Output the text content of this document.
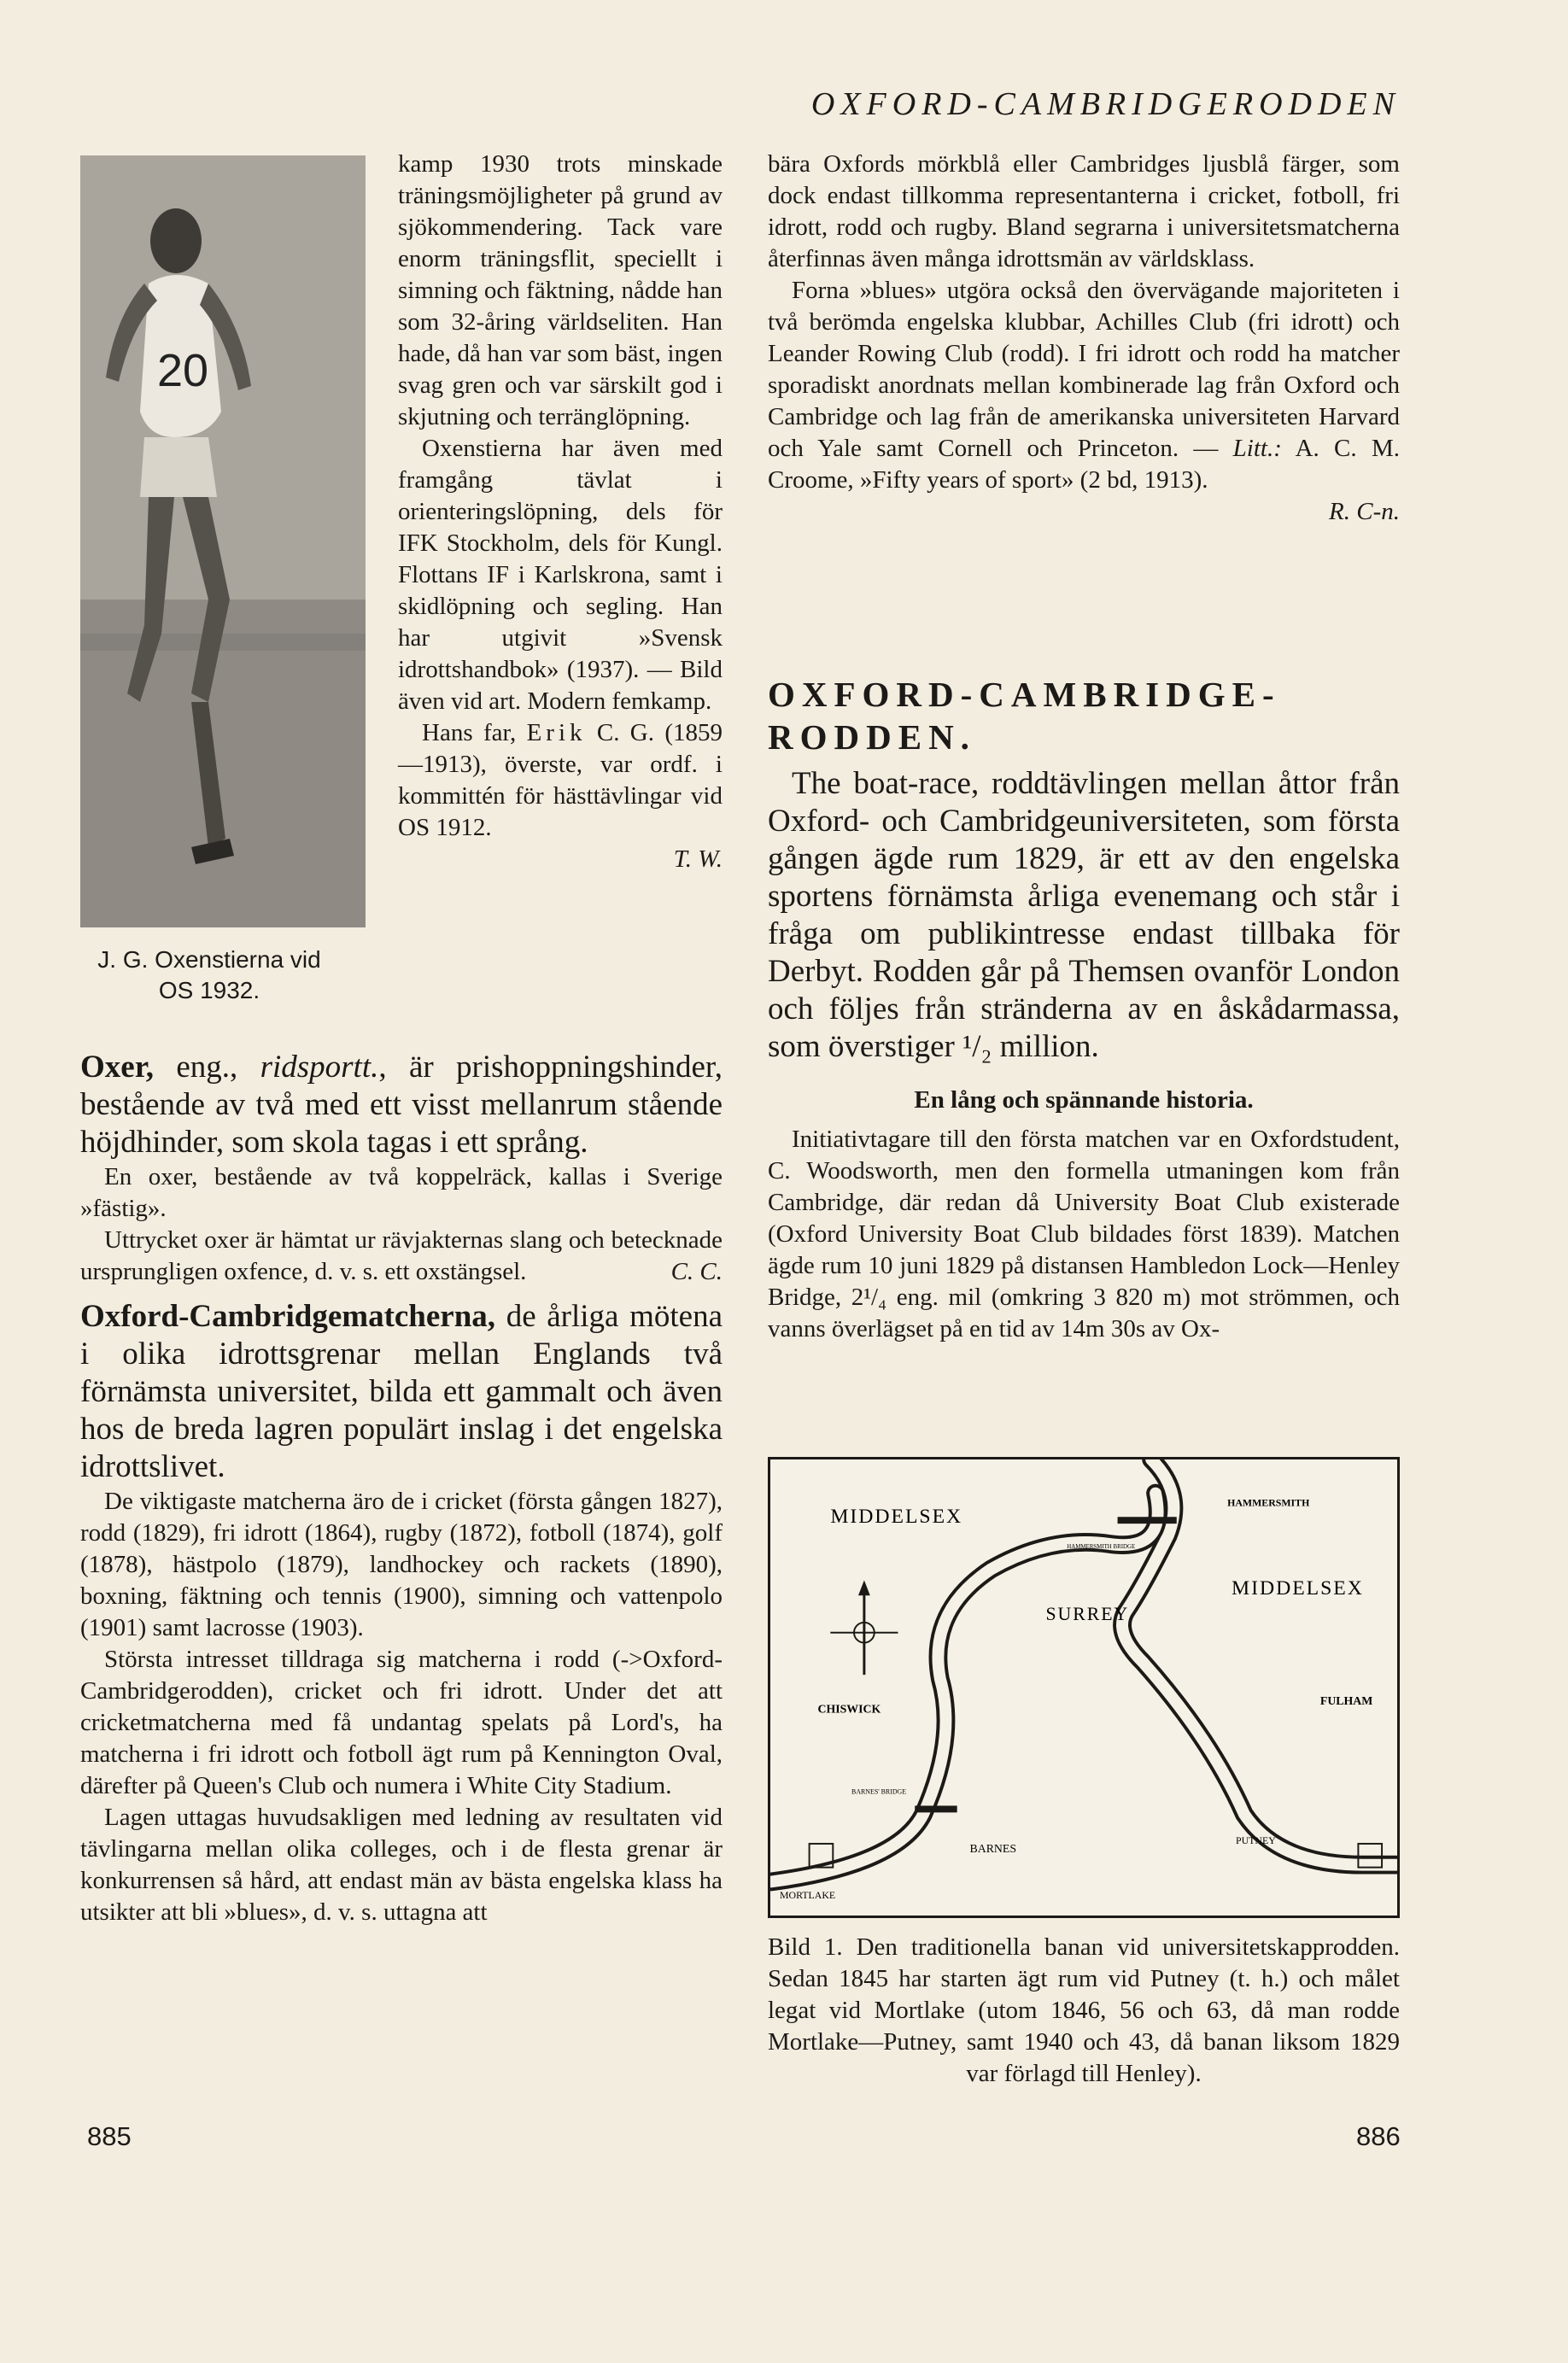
OXFORD-CAMBRIDGERODDEN
20
J. G. Oxenstierna vid
OS 1932.

kamp 1930 trots minskade träningsmöjligheter på grund av sjökommendering. Tack vare enorm träningsflit, speciellt i simning och fäktning, nådde han som 32-åring världseliten. Han hade, då han var som bäst, ingen svag gren och var särskilt god i skjutning och terränglöpning.

Oxenstierna har även med framgång tävlat i orienteringslöpning, dels för IFK Stockholm, dels för Kungl. Flottans IF i Karlskrona, samt i skidlöpning och segling. Han har utgivit »Svensk idrottshandbok» (1937). — Bild även vid art. Modern femkamp.

Hans far, Erik C. G. (1859—1913), överste, var ordf. i kommittén för hästtävlingar vid OS 1912.

T. W.

Oxer, eng., ridsportt., är prishoppningshinder, bestående av två med ett visst mellanrum stående höjdhinder, som skola tagas i ett språng.

En oxer, bestående av två koppelräck, kallas i Sverige »fästig».

Uttrycket oxer är hämtat ur rävjakternas slang och betecknade ursprungligen oxfence, d. v. s. ett oxstängsel.	C. C.

Oxford-Cambridgematcherna, de årliga mötena i olika idrottsgrenar mellan Englands två förnämsta universitet, bilda ett gammalt och även hos de breda lagren populärt inslag i det engelska idrottslivet.

De viktigaste matcherna äro de i cricket (första gången 1827), rodd (1829), fri idrott (1864), rugby (1872), fotboll (1874), golf (1878), hästpolo (1879), landhockey och rackets (1890), boxning, fäktning och tennis (1900), simning och vattenpolo (1901) samt lacrosse (1903).

Största intresset tilldraga sig matcherna i rodd (->Oxford-Cambridgerodden), cricket och fri idrott. Under det att cricketmatcherna med få undantag spelats på Lord's, ha matcherna i fri idrott och fotboll ägt rum på Kennington Oval, därefter på Queen's Club och numera i White City Stadium.

Lagen uttagas huvudsakligen med ledning av resultaten vid tävlingarna mellan olika colleges, och i de flesta grenar är konkurrensen så hård, att endast män av bästa engelska klass ha utsikter att bli »blues», d. v. s. uttagna att

bära Oxfords mörkblå eller Cambridges ljusblå färger, som dock endast tillkomma representanterna i cricket, fotboll, fri idrott, rodd och rugby. Bland segrarna i universitetsmatcherna återfinnas även många idrottsmän av världsklass.

Forna »blues» utgöra också den övervägande majoriteten i två berömda engelska klubbar, Achilles Club (fri idrott) och Leander Rowing Club (rodd). I fri idrott och rodd ha matcher sporadiskt anordnats mellan kombinerade lag från Oxford och Cambridge och lag från de amerikanska universiteten Harvard och Yale samt Cornell och Princeton. — Litt.: A. C. M. Croome, »Fifty years of sport» (2 bd, 1913).

R. C-n.

OXFORD-CAMBRIDGE-RODDEN.

The boat-race, roddtävlingen mellan åttor från Oxford- och Cambridgeuniversiteten, som första gången ägde rum 1829, är ett av den engelska sportens förnämsta årliga evenemang och står i fråga om publikintresse endast tillbaka för Derbyt. Rodden går på Themsen ovanför London och följes från stränderna av en åskådarmassa, som överstiger ¹/₂ million.

En lång och spännande historia.

Initiativtagare till den första matchen var en Oxfordstudent, C. Woodsworth, men den formella utmaningen kom från Cambridge, där redan då University Boat Club existerade (Oxford University Boat Club bildades först 1839). Matchen ägde rum 10 juni 1829 på distansen Hambledon Lock—Henley Bridge, 2¹/₄ eng. mil (omkring 3 820 m) mot strömmen, och vanns överlägset på en tid av 14m 30s av Ox-

MIDDELSEX
HAMMERSMITH
HAMMERSMITH BRIDGE
SURREY
MIDDELSEX
CHISWICK
FULHAM
BARNES' BRIDGE
BARNES
PUTNEY
MORTLAKE
Bild 1. Den traditionella banan vid universitetskapprodden. Sedan 1845 har starten ägt rum vid Putney (t. h.) och målet legat vid Mortlake (utom 1846, 56 och 63, då man rodde Mortlake—Putney, samt 1940 och 43, då banan liksom 1829 var förlagd till Henley).
885	886
